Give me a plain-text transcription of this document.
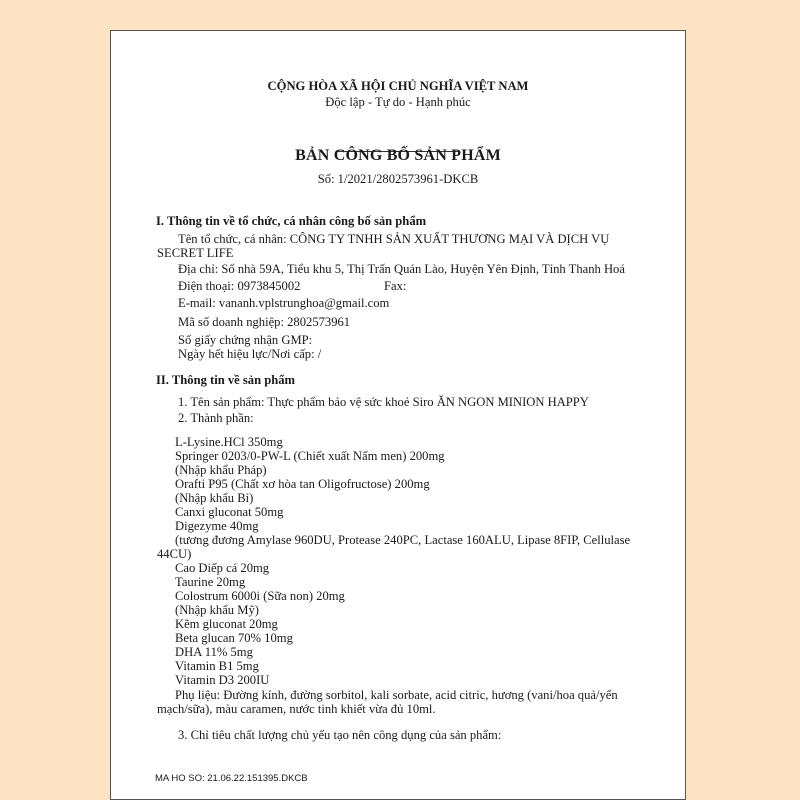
CỘNG HÒA XÃ HỘI CHỦ NGHĨA VIỆT NAM
Độc lập - Tự do - Hạnh phúc
BẢN CÔNG BỐ SẢN PHẨM
Số: 1/2021/2802573961-DKCB
I. Thông tin về tổ chức, cá nhân công bố sản phẩm
Tên tổ chức, cá nhân: CÔNG TY TNHH SẢN XUẤT THƯƠNG MẠI VÀ DỊCH VỤ
SECRET LIFE
Địa chỉ: Số nhà 59A, Tiểu khu 5, Thị Trấn Quán Lào, Huyện Yên Định, Tỉnh Thanh Hoá
Điện thoại: 0973845002	Fax:
E-mail: vananh.vplstrunghoa@gmail.com
Mã số doanh nghiệp: 2802573961
Số giấy chứng nhận GMP:
Ngày hết hiệu lực/Nơi cấp: /
II. Thông tin về sản phẩm
1. Tên sản phẩm: Thực phẩm bảo vệ sức khoẻ Siro ĂN NGON MINION HAPPY
2. Thành phần:
L-Lysine.HCl 350mg
Springer 0203/0-PW-L (Chiết xuất Nấm men) 200mg
(Nhập khẩu Pháp)
Orafti P95 (Chất xơ hòa tan Oligofructose) 200mg
(Nhập khẩu Bỉ)
Canxi gluconat 50mg
Digezyme 40mg
(tương đương Amylase 960DU, Protease 240PC, Lactase 160ALU, Lipase 8FIP, Cellulase
44CU)
Cao Diếp cá 20mg
Taurine 20mg
Colostrum 6000i (Sữa non) 20mg
(Nhập khẩu Mỹ)
Kẽm gluconat 20mg
Beta glucan 70% 10mg
DHA 11% 5mg
Vitamin B1 5mg
Vitamin D3 200IU
Phụ liệu: Đường kính, đường sorbitol, kali sorbate, acid citric, hương (vani/hoa quả/yến
mạch/sữa), màu caramen, nước tinh khiết vừa đủ 10ml.
3. Chỉ tiêu chất lượng chủ yếu tạo nên công dụng của sản phẩm:
MA HO SO: 21.06.22.151395.DKCB
